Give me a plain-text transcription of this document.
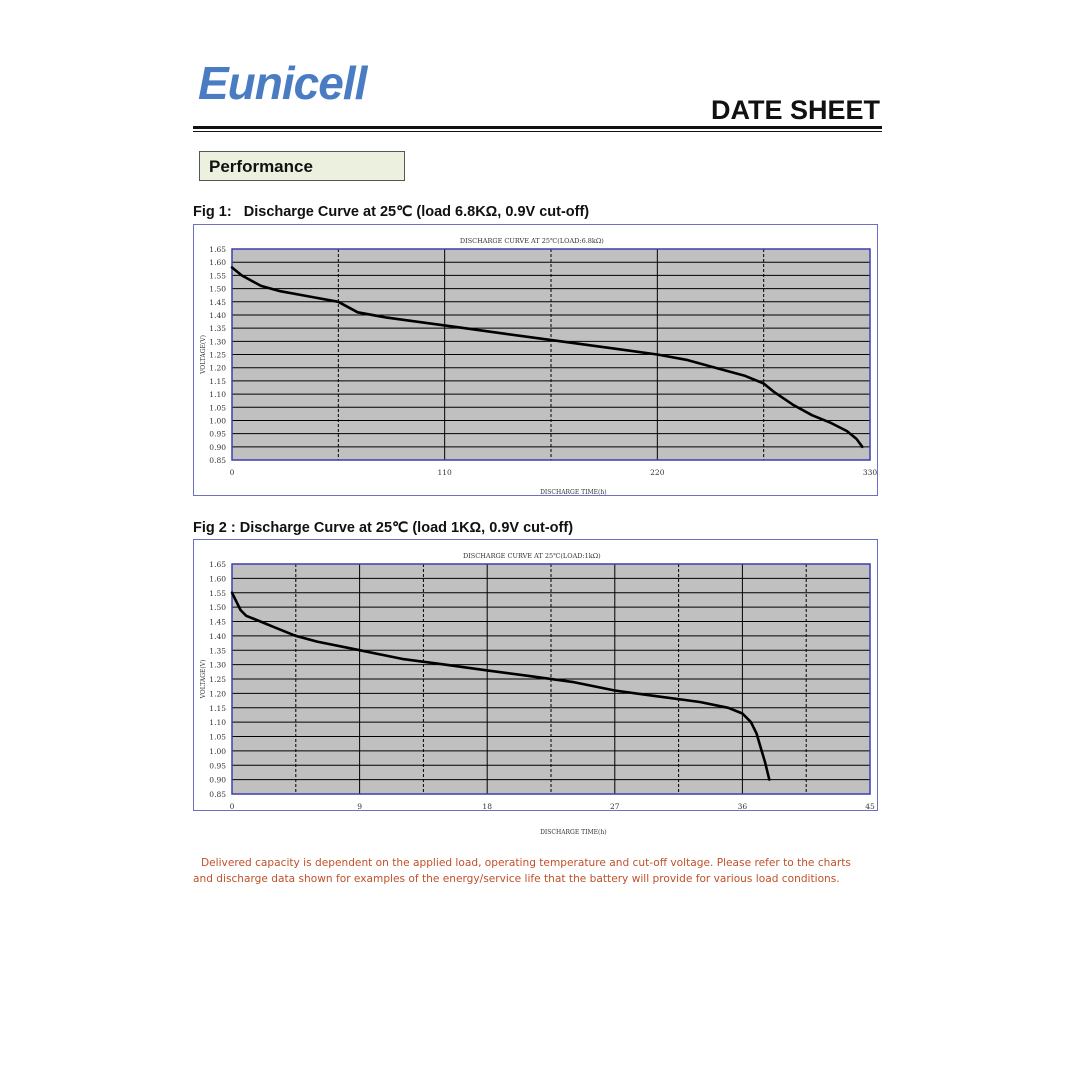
Eunicell
DATE SHEET
Performance
Fig 1:   Discharge Curve at 25℃ (load 6.8KΩ, 0.9V cut-off)
0.85
0.90
0.95
1.00
1.05
1.10
1.15
1.20
1.25
1.30
1.35
1.40
1.45
1.50
1.55
1.60
1.65
0	110	220	330
DISCHARGE CURVE AT 25℃(LOAD:6.8kΩ)
DISCHARGE TIME(h)
VOLTAGE(V)
Fig 2 : Discharge Curve at 25℃ (load 1KΩ, 0.9V cut-off)
0.85
0.90
0.95
1.00
1.05
1.10
1.15
1.20
1.25
1.30
1.35
1.40
1.45
1.50
1.55
1.60
1.65
0	9	18	27	36	45
DISCHARGE CURVE AT 25℃(LOAD:1kΩ)
DISCHARGE TIME(h)
VOLTAGE(V)
Delivered capacity is dependent on the applied load, operating temperature and cut-off voltage. Please refer to the charts and discharge data shown for examples of the energy/service life that the battery will provide for various load conditions.
